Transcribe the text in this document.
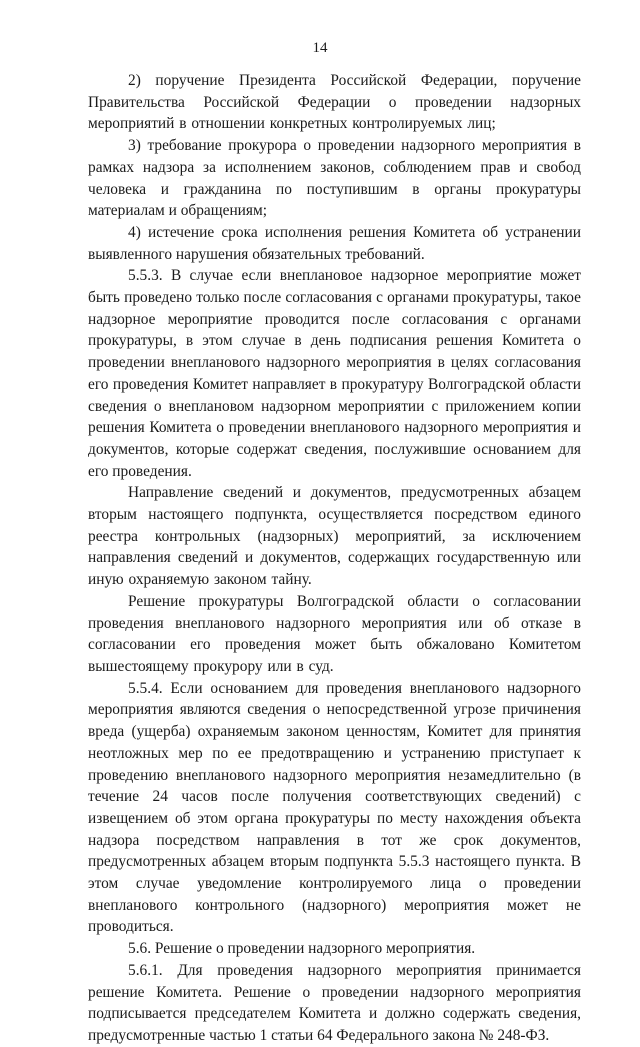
14

2) поручение Президента Российской Федерации, поручение Правительства Российской Федерации о проведении надзорных мероприятий в отношении конкретных контролируемых лиц;

3) требование прокурора о проведении надзорного мероприятия в рамках надзора за исполнением законов, соблюдением прав и свобод человека и гражданина по поступившим в органы прокуратуры материалам и обращениям;

4) истечение срока исполнения решения Комитета об устранении выявленного нарушения обязательных требований.

5.5.3. В случае если внеплановое надзорное мероприятие может быть проведено только после согласования с органами прокуратуры, такое надзорное мероприятие проводится после согласования с органами прокуратуры, в этом случае в день подписания решения Комитета о проведении внепланового надзорного мероприятия в целях согласования его проведения Комитет направляет в прокуратуру Волгоградской области сведения о внеплановом надзорном мероприятии с приложением копии решения Комитета о проведении внепланового надзорного мероприятия и документов, которые содержат сведения, послужившие основанием для его проведения.

Направление сведений и документов, предусмотренных абзацем вторым настоящего подпункта, осуществляется посредством единого реестра контрольных (надзорных) мероприятий, за исключением направления сведений и документов, содержащих государственную или иную охраняемую законом тайну.

Решение прокуратуры Волгоградской области о согласовании проведения внепланового надзорного мероприятия или об отказе в согласовании его проведения может быть обжаловано Комитетом вышестоящему прокурору или в суд.

5.5.4. Если основанием для проведения внепланового надзорного мероприятия являются сведения о непосредственной угрозе причинения вреда (ущерба) охраняемым законом ценностям, Комитет для принятия неотложных мер по ее предотвращению и устранению приступает к проведению внепланового надзорного мероприятия незамедлительно (в течение 24 часов после получения соответствующих сведений) с извещением об этом органа прокуратуры по месту нахождения объекта надзора посредством направления в тот же срок документов, предусмотренных абзацем вторым подпункта 5.5.3 настоящего пункта. В этом случае уведомление контролируемого лица о проведении внепланового контрольного (надзорного) мероприятия может не проводиться.

5.6. Решение о проведении надзорного мероприятия.

5.6.1. Для проведения надзорного мероприятия принимается решение Комитета. Решение о проведении надзорного мероприятия подписывается председателем Комитета и должно содержать сведения, предусмотренные частью 1 статьи 64 Федерального закона № 248-ФЗ.
